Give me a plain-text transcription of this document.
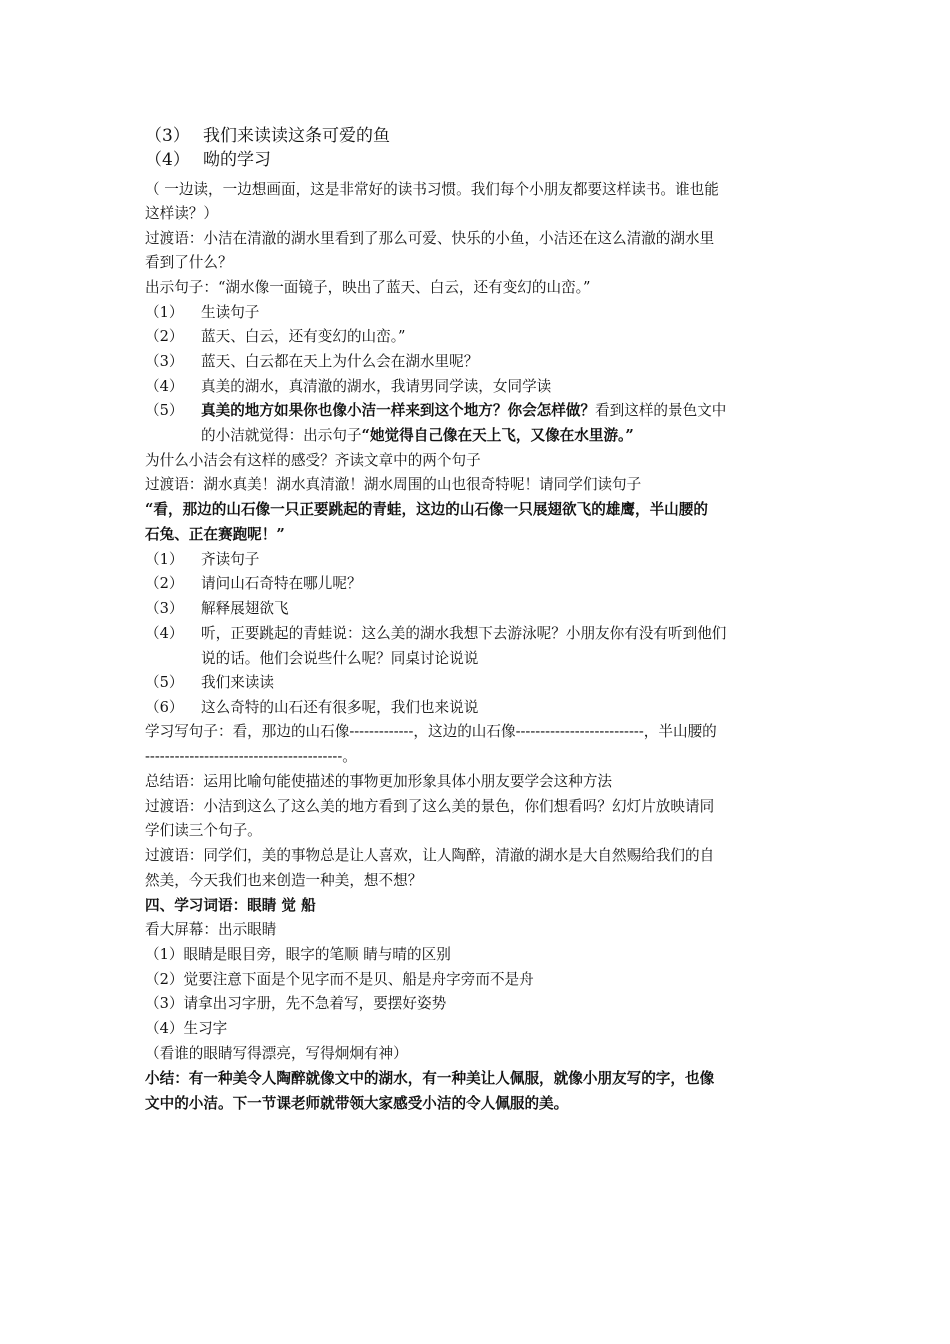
（3） 我们来读读这条可爱的鱼
（4） 呦的学习
（ 一边读，一边想画面，这是非常好的读书习惯。我们每个小朋友都要这样读书。谁也能
这样读？）
过渡语：小洁在清澈的湖水里看到了那么可爱、快乐的小鱼，小洁还在这么清澈的湖水里
看到了什么？
出示句子：“湖水像一面镜子，映出了蓝天、白云，还有变幻的山峦。”
（1） 生读句子
（2） 蓝天、白云，还有变幻的山峦。”
（3） 蓝天、白云都在天上为什么会在湖水里呢？
（4） 真美的湖水，真清澈的湖水，我请男同学读，女同学读
（5） 真美的地方如果你也像小洁一样来到这个地方？你会怎样做？看到这样的景色文中
的小洁就觉得：出示句子“她觉得自己像在天上飞，又像在水里游。”
为什么小洁会有这样的感受？齐读文章中的两个句子
过渡语：湖水真美！湖水真清澈！湖水周围的山也很奇特呢！请同学们读句子
“看，那边的山石像一只正要跳起的青蛙，这边的山石像一只展翅欲飞的雄鹰，半山腰的
石兔、正在赛跑呢！”
（1） 齐读句子
（2） 请问山石奇特在哪儿呢？
（3） 解释展翅欲飞
（4） 听，正要跳起的青蛙说：这么美的湖水我想下去游泳呢？小朋友你有没有听到他们
说的话。他们会说些什么呢？同桌讨论说说
（5） 我们来读读
（6） 这么奇特的山石还有很多呢，我们也来说说
学习写句子：看，那边的山石像-------------，这边的山石像--------------------------，半山腰的
----------------------------------------。
总结语：运用比喻句能使描述的事物更加形象具体小朋友要学会这种方法
过渡语：小洁到这么了这么美的地方看到了这么美的景色，你们想看吗？幻灯片放映请同
学们读三个句子。
过渡语：同学们，美的事物总是让人喜欢，让人陶醉，清澈的湖水是大自然赐给我们的自
然美，今天我们也来创造一种美，想不想？
四、学习词语：眼睛 觉 船
看大屏幕：出示眼睛
（1）眼睛是眼目旁，眼字的笔顺 睛与晴的区别
（2）觉要注意下面是个见字而不是贝、船是舟字旁而不是舟
（3）请拿出习字册，先不急着写，要摆好姿势
（4）生习字
（看谁的眼睛写得漂亮，写得炯炯有神）
小结：有一种美令人陶醉就像文中的湖水，有一种美让人佩服，就像小朋友写的字，也像
文中的小洁。下一节课老师就带领大家感受小洁的令人佩服的美。
